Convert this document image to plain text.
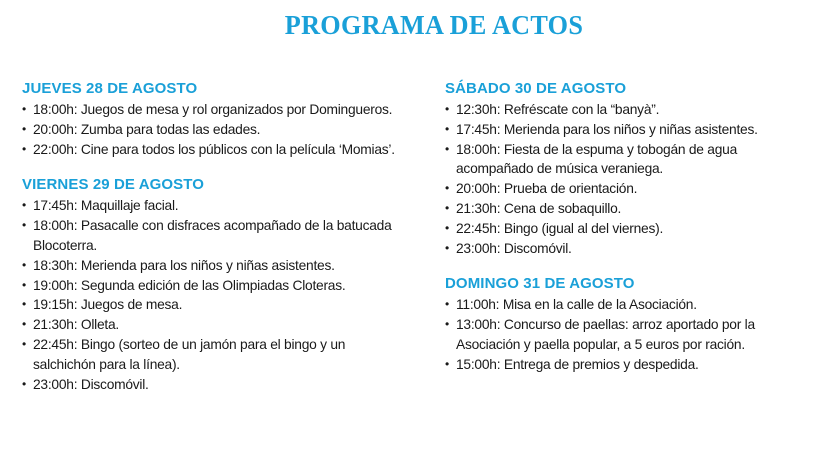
PROGRAMA DE ACTOS
JUEVES 28 DE AGOSTO
• 18:00h: Juegos de mesa y rol organizados por Domingueros.
• 20:00h: Zumba para todas las edades.
• 22:00h: Cine para todos los públicos con la película ‘Momias’.
VIERNES 29 DE AGOSTO
• 17:45h: Maquillaje facial.
• 18:00h: Pasacalle con disfraces acompañado de la batucada Blocoterra.
• 18:30h: Merienda para los niños y niñas asistentes.
• 19:00h: Segunda edición de las Olimpiadas Cloteras.
• 19:15h: Juegos de mesa.
• 21:30h: Olleta.
• 22:45h: Bingo (sorteo de un jamón para el bingo y un salchichón para la línea).
• 23:00h: Discomóvil.
SÁBADO 30 DE AGOSTO
• 12:30h: Refréscate con la “banyà”.
• 17:45h: Merienda para los niños y niñas asistentes.
• 18:00h: Fiesta de la espuma y tobogán de agua acompañado de música veraniega.
• 20:00h: Prueba de orientación.
• 21:30h: Cena de sobaquillo.
• 22:45h: Bingo (igual al del viernes).
• 23:00h: Discomóvil.
DOMINGO 31 DE AGOSTO
• 11:00h: Misa en la calle de la Asociación.
• 13:00h: Concurso de paellas: arroz aportado por la Asociación y paella popular, a 5 euros por ración.
• 15:00h: Entrega de premios y despedida.
